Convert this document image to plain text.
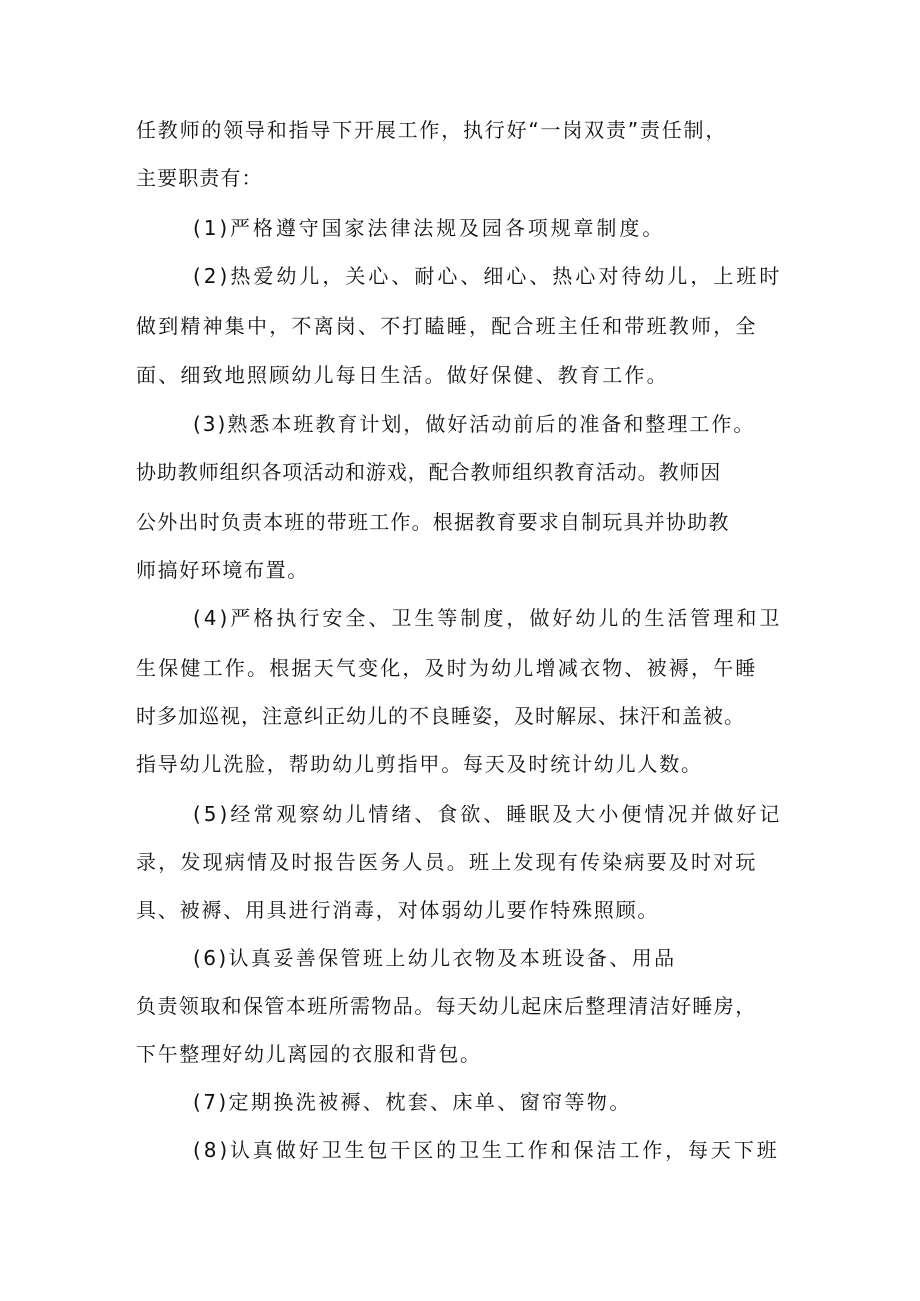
任教师的领导和指导下开展工作，执行好“一岗双责”责任制，
主要职责有：
(1)严格遵守国家法律法规及园各项规章制度。
(2)热爱幼儿，关心、耐心、细心、热心对待幼儿，上班时
做到精神集中，不离岗、不打瞌睡，配合班主任和带班教师，全
面、细致地照顾幼儿每日生活。做好保健、教育工作。
(3)熟悉本班教育计划，做好活动前后的准备和整理工作。
协助教师组织各项活动和游戏，配合教师组织教育活动。教师因
公外出时负责本班的带班工作。根据教育要求自制玩具并协助教
师搞好环境布置。
(4)严格执行安全、卫生等制度，做好幼儿的生活管理和卫
生保健工作。根据天气变化，及时为幼儿增减衣物、被褥，午睡
时多加巡视，注意纠正幼儿的不良睡姿，及时解尿、抹汗和盖被。
指导幼儿洗脸，帮助幼儿剪指甲。每天及时统计幼儿人数。
(5)经常观察幼儿情绪、食欲、睡眠及大小便情况并做好记
录，发现病情及时报告医务人员。班上发现有传染病要及时对玩
具、被褥、用具进行消毒，对体弱幼儿要作特殊照顾。
(6)认真妥善保管班上幼儿衣物及本班设备、用品
负责领取和保管本班所需物品。每天幼儿起床后整理清洁好睡房，
下午整理好幼儿离园的衣服和背包。
(7)定期换洗被褥、枕套、床单、窗帘等物。
(8)认真做好卫生包干区的卫生工作和保洁工作，每天下班
